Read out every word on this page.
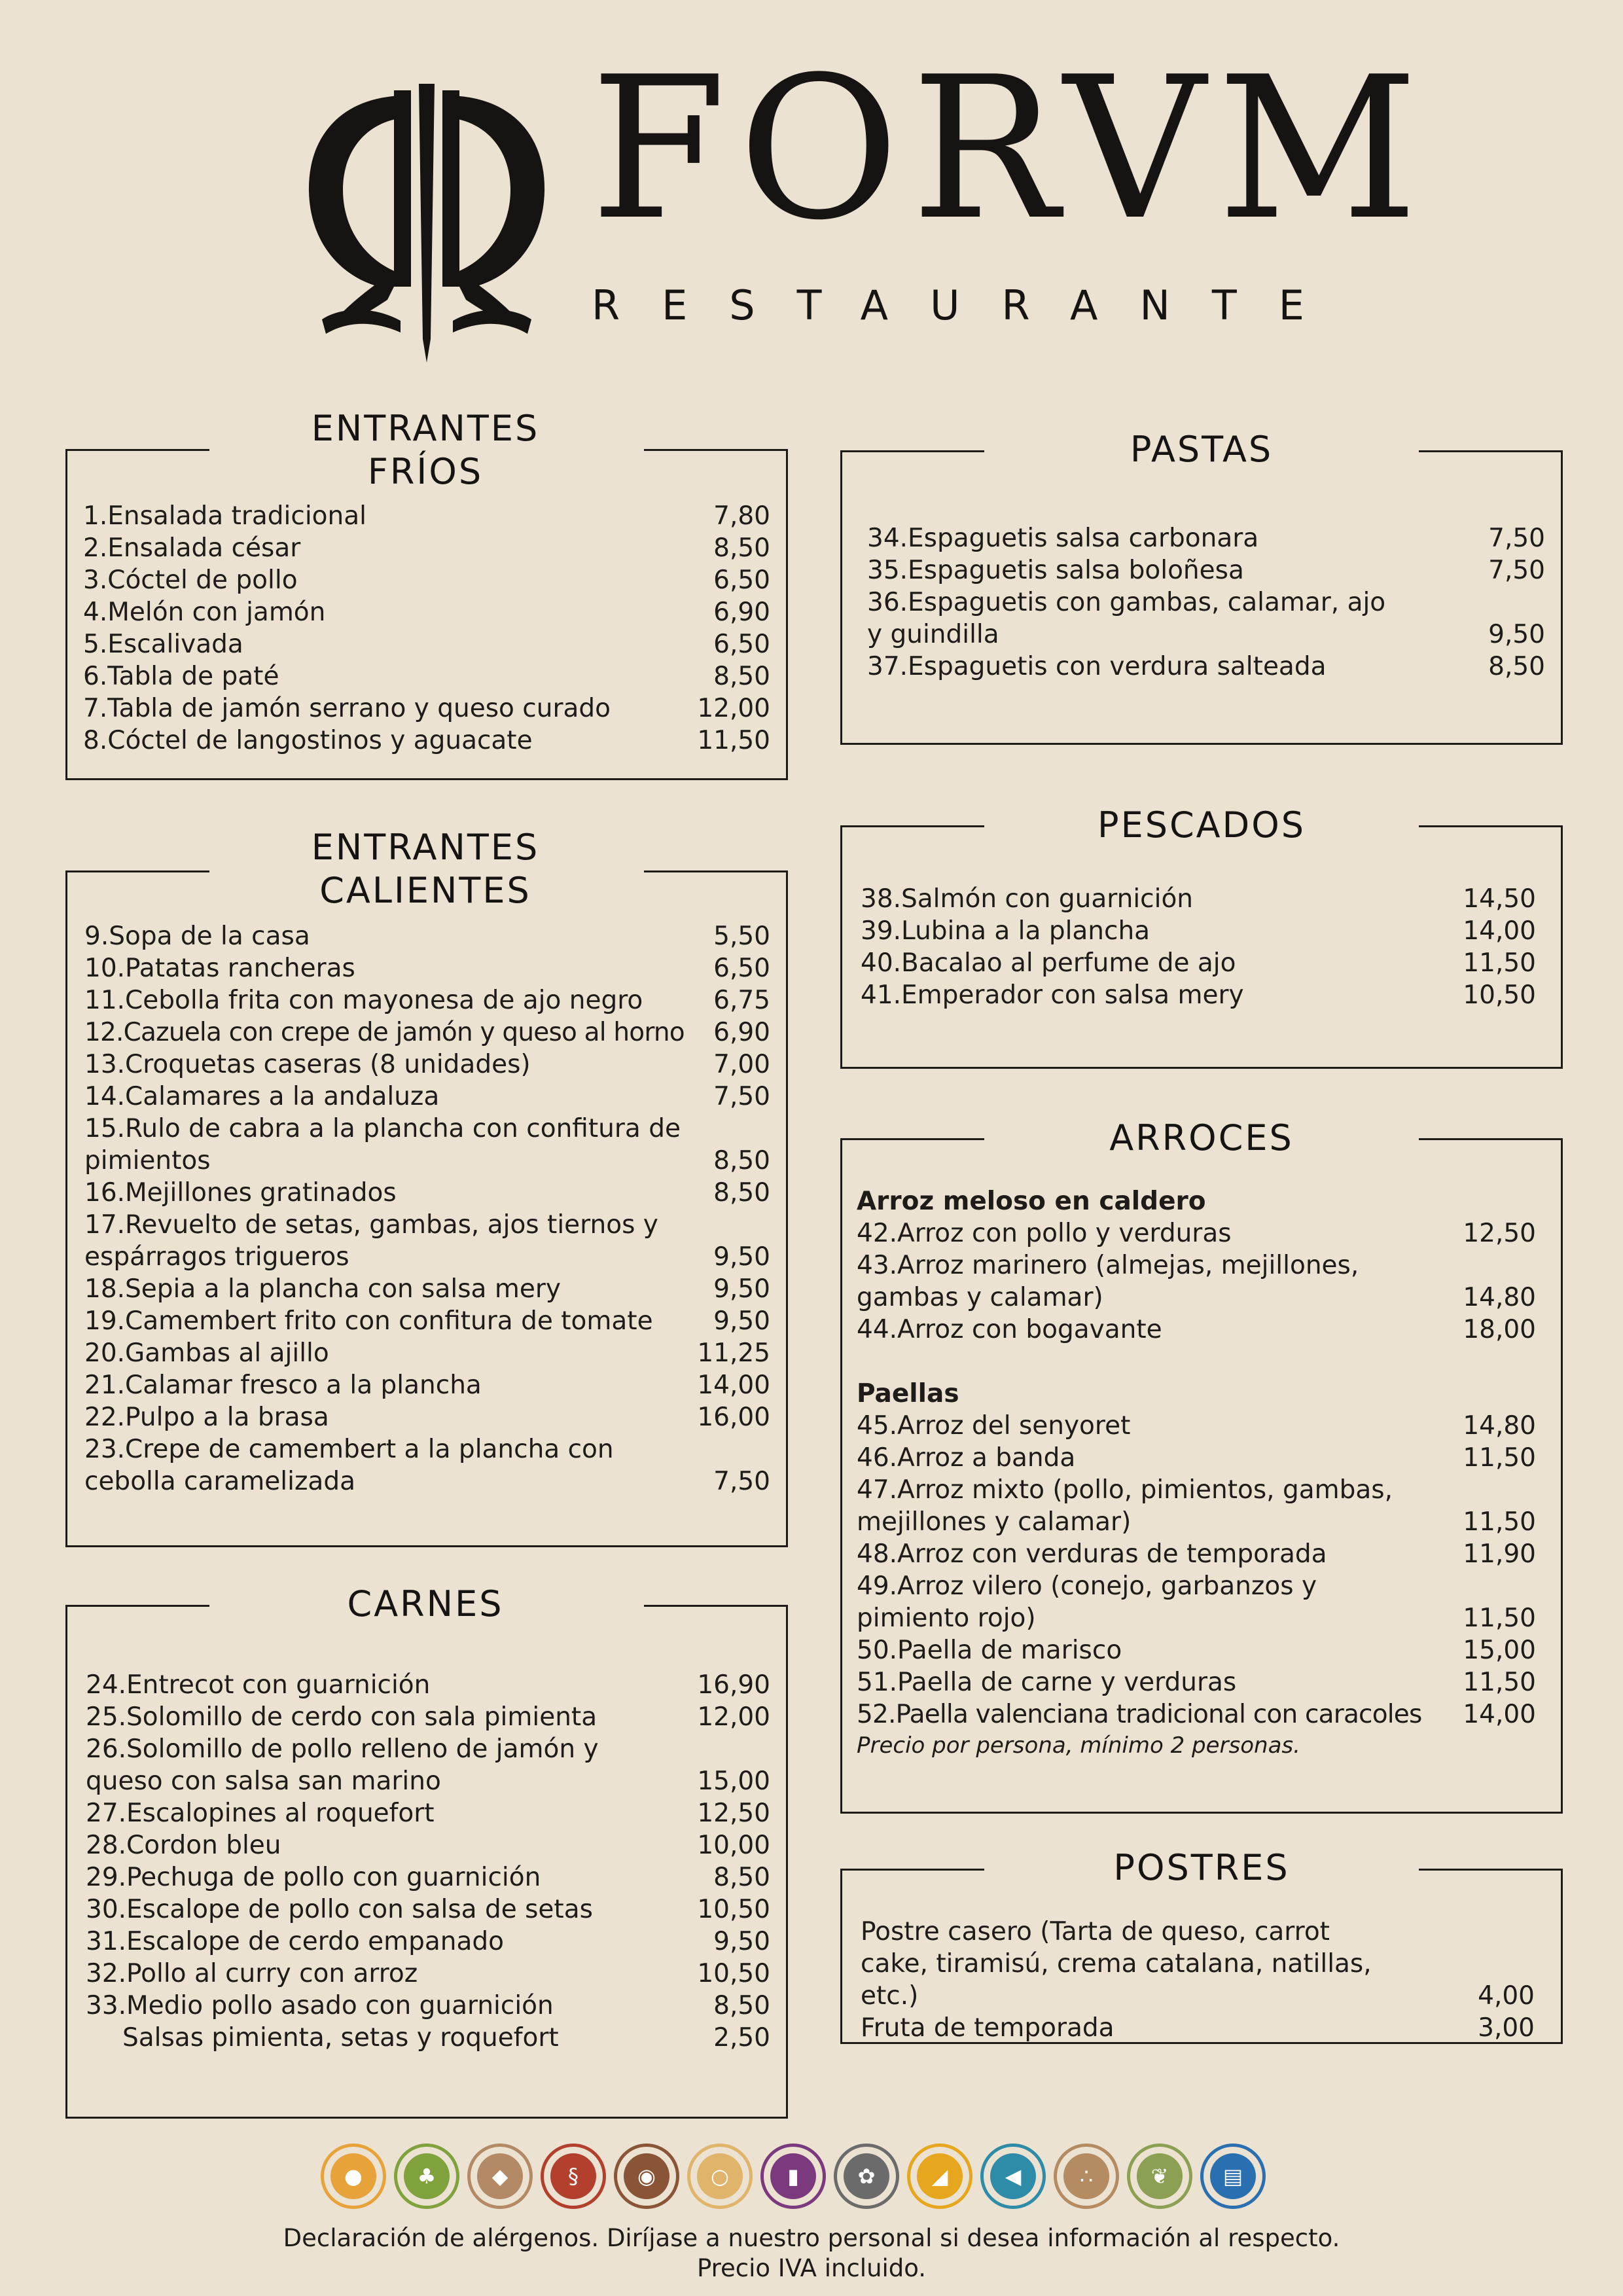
FORVM
RESTAURANTE
ENTRANTES
FRÍOS
1.Ensalada tradicional	7,80
2.Ensalada césar	8,50
3.Cóctel de pollo	6,50
4.Melón con jamón	6,90
5.Escalivada	6,50
6.Tabla de paté	8,50
7.Tabla de jamón serrano y queso curado	12,00
8.Cóctel de langostinos y aguacate	11,50
ENTRANTES
CALIENTES
9.Sopa de la casa	5,50
10.Patatas rancheras	6,50
11.Cebolla frita con mayonesa de ajo negro	6,75
12.Cazuela con crepe de jamón y queso al horno	6,90
13.Croquetas caseras (8 unidades)	7,00
14.Calamares a la andaluza	7,50
15.Rulo de cabra a la plancha con confitura de pimientos	8,50
16.Mejillones gratinados	8,50
17.Revuelto de setas, gambas, ajos tiernos y espárragos trigueros	9,50
18.Sepia a la plancha con salsa mery	9,50
19.Camembert frito con confitura de tomate	9,50
20.Gambas al ajillo	11,25
21.Calamar fresco a la plancha	14,00
22.Pulpo a la brasa	16,00
23.Crepe de camembert a la plancha con cebolla caramelizada	7,50
CARNES
24.Entrecot con guarnición	16,90
25.Solomillo de cerdo con sala pimienta	12,00
26.Solomillo de pollo relleno de jamón y queso con salsa san marino	15,00
27.Escalopines al roquefort	12,50
28.Cordon bleu	10,00
29.Pechuga de pollo con guarnición	8,50
30.Escalope de pollo con salsa de setas	10,50
31.Escalope de cerdo empanado	9,50
32.Pollo al curry con arroz	10,50
33.Medio pollo asado con guarnición	8,50
Salsas pimienta, setas y roquefort	2,50
PASTAS
34.Espaguetis salsa carbonara	7,50
35.Espaguetis salsa boloñesa	7,50
36.Espaguetis con gambas, calamar, ajo y guindilla	9,50
37.Espaguetis con verdura salteada	8,50
PESCADOS
38.Salmón con guarnición	14,50
39.Lubina a la plancha	14,00
40.Bacalao al perfume de ajo	11,50
41.Emperador con salsa mery	10,50
ARROCES
Arroz meloso en caldero
42.Arroz con pollo y verduras	12,50
43.Arroz marinero (almejas, mejillones, gambas y calamar)	14,80
44.Arroz con bogavante	18,00
Paellas
45.Arroz del senyoret	14,80
46.Arroz a banda	11,50
47.Arroz mixto (pollo, pimientos, gambas, mejillones y calamar)	11,50
48.Arroz con verduras de temporada	11,90
49.Arroz vilero (conejo, garbanzos y pimiento rojo)	11,50
50.Paella de marisco	15,00
51.Paella de carne y verduras	11,50
52.Paella valenciana tradicional con caracoles	14,00
Precio por persona, mínimo 2 personas.
POSTRES
Postre casero (Tarta de queso, carrot cake, tiramisú, crema catalana, natillas, etc.)	4,00
Fruta de temporada	3,00
●	♣	◆	§	◉	○	▮	✿	◢	◀	∴	❦	▤
Declaración de alérgenos. Diríjase a nuestro personal si desea información al respecto.
Precio IVA incluido.
